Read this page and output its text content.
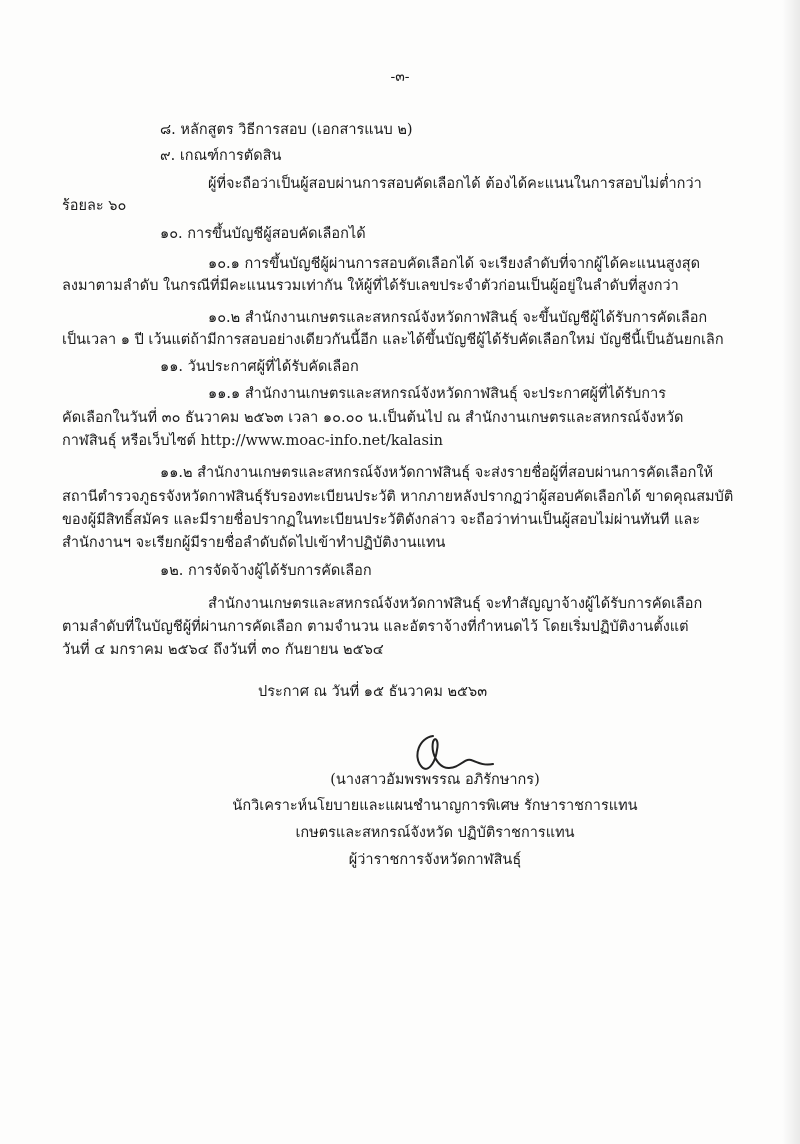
-๓-
๘. หลักสูตร วิธีการสอบ (เอกสารแนบ ๒)
๙. เกณฑ์การตัดสิน
ผู้ที่จะถือว่าเป็นผู้สอบผ่านการสอบคัดเลือกได้ ต้องได้คะแนนในการสอบไม่ต่ำกว่า
ร้อยละ ๖๐
๑๐. การขึ้นบัญชีผู้สอบคัดเลือกได้
๑๐.๑ การขึ้นบัญชีผู้ผ่านการสอบคัดเลือกได้ จะเรียงลำดับที่จากผู้ได้คะแนนสูงสุด
ลงมาตามลำดับ ในกรณีที่มีคะแนนรวมเท่ากัน ให้ผู้ที่ได้รับเลขประจำตัวก่อนเป็นผู้อยู่ในลำดับที่สูงกว่า
๑๐.๒ สำนักงานเกษตรและสหกรณ์จังหวัดกาฬสินธุ์ จะขึ้นบัญชีผู้ได้รับการคัดเลือก
เป็นเวลา ๑ ปี เว้นแต่ถ้ามีการสอบอย่างเดียวกันนี้อีก และได้ขึ้นบัญชีผู้ได้รับคัดเลือกใหม่ บัญชีนี้เป็นอันยกเลิก
๑๑. วันประกาศผู้ที่ได้รับคัดเลือก
๑๑.๑ สำนักงานเกษตรและสหกรณ์จังหวัดกาฬสินธุ์ จะประกาศผู้ที่ได้รับการ
คัดเลือกในวันที่ ๓๐ ธันวาคม ๒๕๖๓ เวลา ๑๐.๐๐ น.เป็นต้นไป ณ สำนักงานเกษตรและสหกรณ์จังหวัด
กาฬสินธุ์ หรือเว็บไซต์ http://www.moac-info.net/kalasin
๑๑.๒ สำนักงานเกษตรและสหกรณ์จังหวัดกาฬสินธุ์ จะส่งรายชื่อผู้ที่สอบผ่านการคัดเลือกให้
สถานีตำรวจภูธรจังหวัดกาฬสินธุ์รับรองทะเบียนประวัติ หากภายหลังปรากฏว่าผู้สอบคัดเลือกได้ ขาดคุณสมบัติ
ของผู้มีสิทธิ์สมัคร และมีรายชื่อปรากฏในทะเบียนประวัติดังกล่าว จะถือว่าท่านเป็นผู้สอบไม่ผ่านทันที และ
สำนักงานฯ จะเรียกผู้มีรายชื่อลำดับถัดไปเข้าทำปฏิบัติงานแทน
๑๒. การจัดจ้างผู้ได้รับการคัดเลือก
สำนักงานเกษตรและสหกรณ์จังหวัดกาฬสินธุ์ จะทำสัญญาจ้างผู้ได้รับการคัดเลือก
ตามลำดับที่ในบัญชีผู้ที่ผ่านการคัดเลือก ตามจำนวน และอัตราจ้างที่กำหนดไว้ โดยเริ่มปฏิบัติงานตั้งแต่
วันที่ ๔ มกราคม ๒๕๖๔ ถึงวันที่ ๓๐ กันยายน ๒๕๖๔
ประกาศ ณ วันที่ ๑๕ ธันวาคม ๒๕๖๓
(นางสาวอัมพรพรรณ อภิรักษากร)
นักวิเคราะห์นโยบายและแผนชำนาญการพิเศษ รักษาราชการแทน
เกษตรและสหกรณ์จังหวัด ปฏิบัติราชการแทน
ผู้ว่าราชการจังหวัดกาฬสินธุ์
